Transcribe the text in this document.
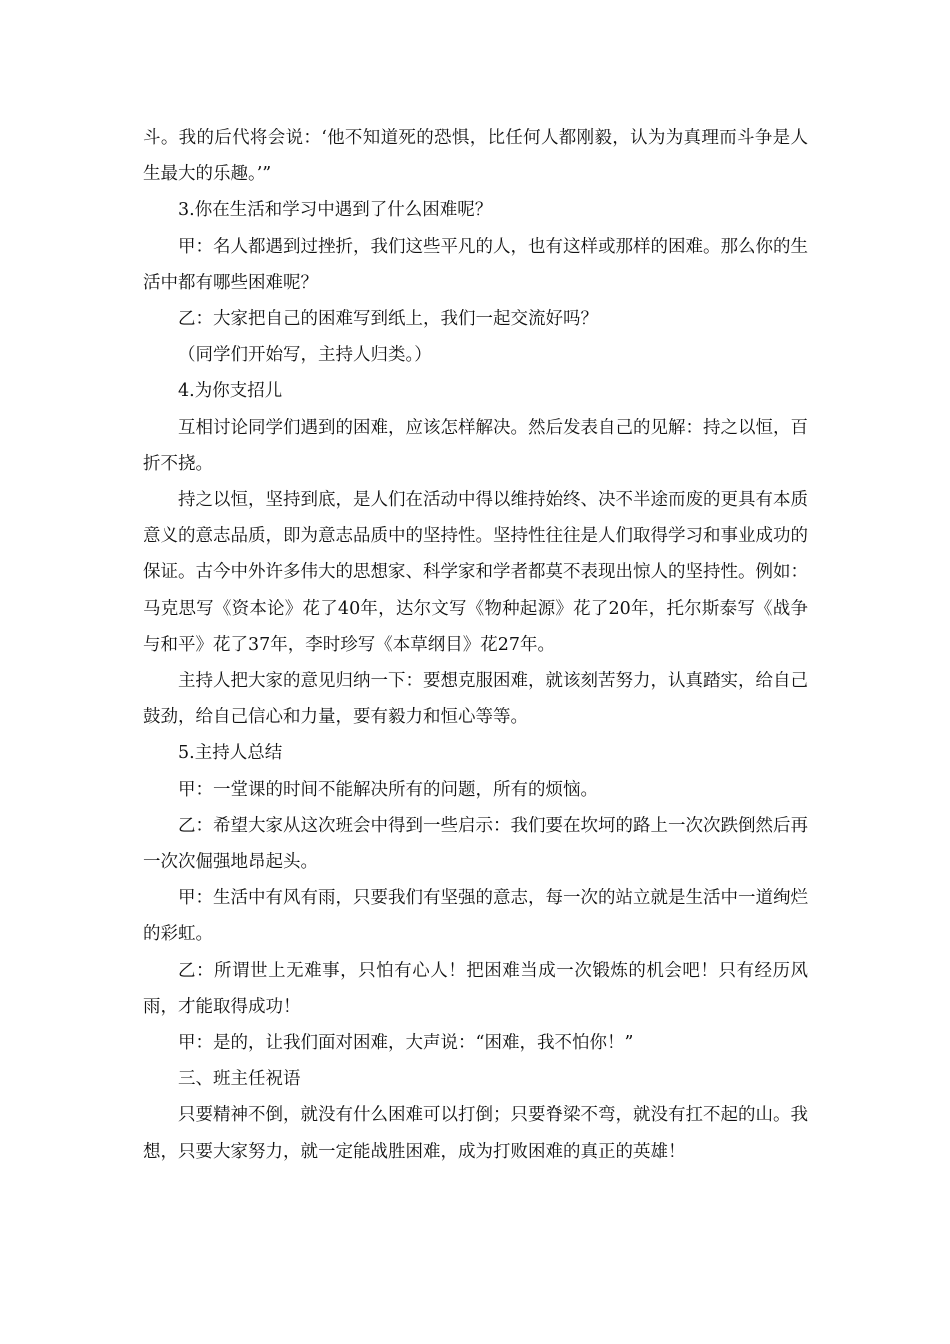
斗。我的后代将会说：‘他不知道死的恐惧，比任何人都刚毅，认为为真理而斗争是人生最大的乐趣。’”

3.你在生活和学习中遇到了什么困难呢？

甲：名人都遇到过挫折，我们这些平凡的人，也有这样或那样的困难。那么你的生活中都有哪些困难呢？

乙：大家把自己的困难写到纸上，我们一起交流好吗？

（同学们开始写，主持人归类。）

4.为你支招儿

互相讨论同学们遇到的困难，应该怎样解决。然后发表自己的见解：持之以恒，百折不挠。

持之以恒，坚持到底，是人们在活动中得以维持始终、决不半途而废的更具有本质意义的意志品质，即为意志品质中的坚持性。坚持性往往是人们取得学习和事业成功的保证。古今中外许多伟大的思想家、科学家和学者都莫不表现出惊人的坚持性。例如：马克思写《资本论》花了40年，达尔文写《物种起源》花了20年，托尔斯泰写《战争与和平》花了37年，李时珍写《本草纲目》花27年。

主持人把大家的意见归纳一下：要想克服困难，就该刻苦努力，认真踏实，给自己鼓劲，给自己信心和力量，要有毅力和恒心等等。

5.主持人总结

甲：一堂课的时间不能解决所有的问题，所有的烦恼。

乙：希望大家从这次班会中得到一些启示：我们要在坎坷的路上一次次跌倒然后再一次次倔强地昂起头。

甲：生活中有风有雨，只要我们有坚强的意志，每一次的站立就是生活中一道绚烂的彩虹。

乙：所谓世上无难事，只怕有心人！把困难当成一次锻炼的机会吧！只有经历风雨，才能取得成功！

甲：是的，让我们面对困难，大声说：“困难，我不怕你！”

三、班主任祝语

只要精神不倒，就没有什么困难可以打倒；只要脊梁不弯，就没有扛不起的山。我想，只要大家努力，就一定能战胜困难，成为打败困难的真正的英雄！
